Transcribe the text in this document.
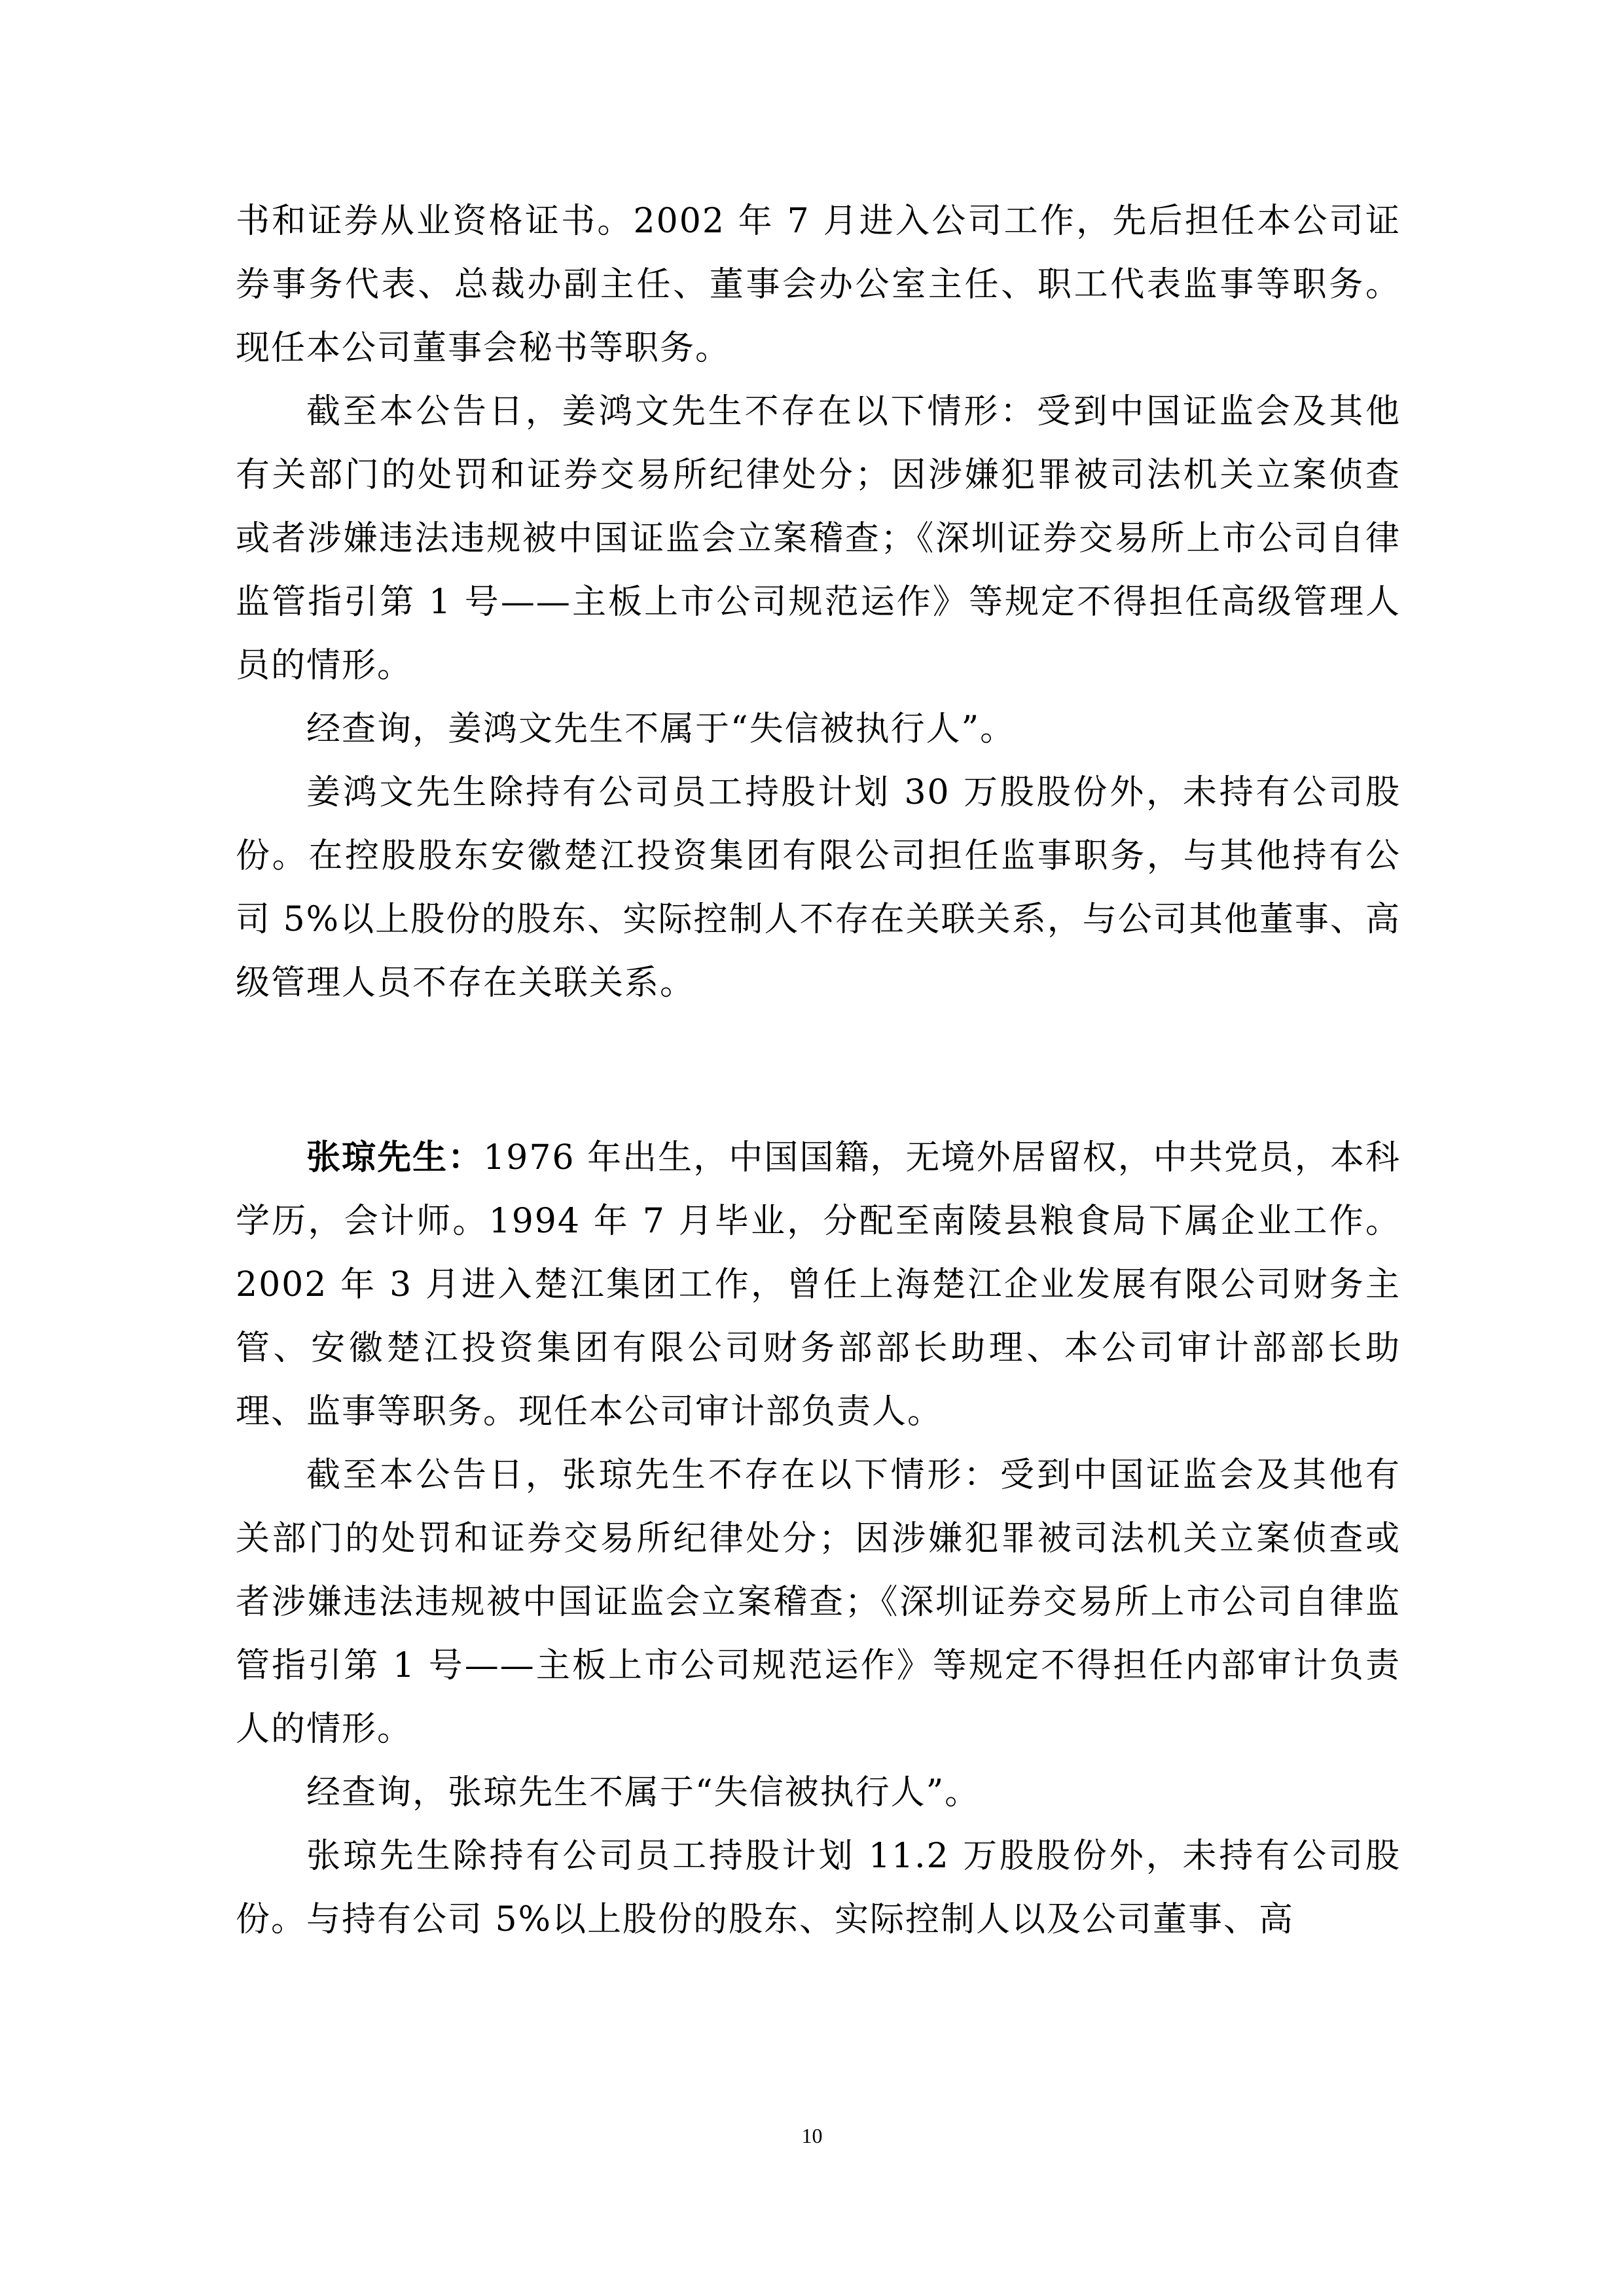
书和证券从业资格证书。2002 年 7 月进入公司工作，先后担任本公司证券事务代表、总裁办副主任、董事会办公室主任、职工代表监事等职务。现任本公司董事会秘书等职务。

截至本公告日，姜鸿文先生不存在以下情形：受到中国证监会及其他有关部门的处罚和证券交易所纪律处分；因涉嫌犯罪被司法机关立案侦查或者涉嫌违法违规被中国证监会立案稽查；《深圳证券交易所上市公司自律监管指引第 1 号——主板上市公司规范运作》等规定不得担任高级管理人员的情形。

经查询，姜鸿文先生不属于“失信被执行人”。

姜鸿文先生除持有公司员工持股计划 30 万股股份外，未持有公司股份。在控股股东安徽楚江投资集团有限公司担任监事职务，与其他持有公司 5%以上股份的股东、实际控制人不存在关联关系，与公司其他董事、高级管理人员不存在关联关系。

张琼先生：1976 年出生，中国国籍，无境外居留权，中共党员，本科学历，会计师。1994 年 7 月毕业，分配至南陵县粮食局下属企业工作。2002 年 3 月进入楚江集团工作，曾任上海楚江企业发展有限公司财务主管、安徽楚江投资集团有限公司财务部部长助理、本公司审计部部长助理、监事等职务。现任本公司审计部负责人。

截至本公告日，张琼先生不存在以下情形：受到中国证监会及其他有关部门的处罚和证券交易所纪律处分；因涉嫌犯罪被司法机关立案侦查或者涉嫌违法违规被中国证监会立案稽查；《深圳证券交易所上市公司自律监管指引第 1 号——主板上市公司规范运作》等规定不得担任内部审计负责人的情形。

经查询，张琼先生不属于“失信被执行人”。

张琼先生除持有公司员工持股计划 11.2 万股股份外，未持有公司股份。与持有公司 5%以上股份的股东、实际控制人以及公司董事、高

10
